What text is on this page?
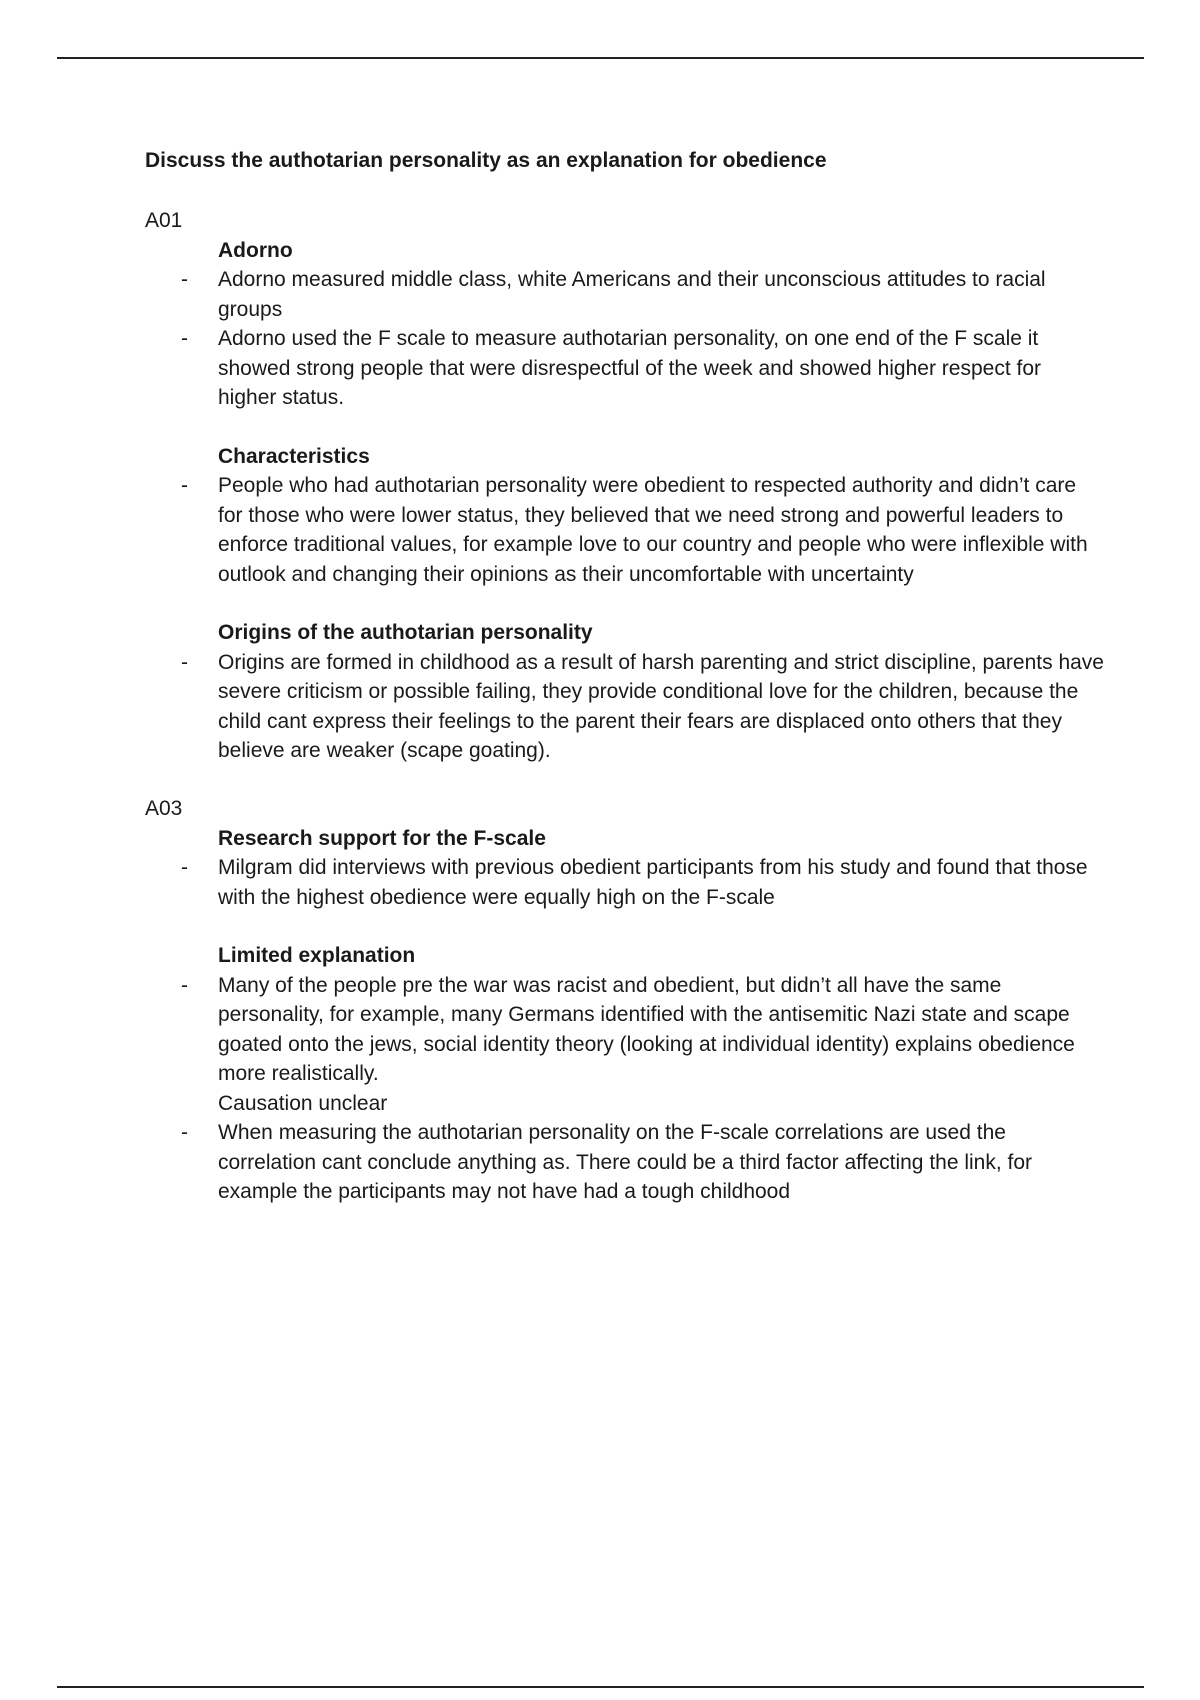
Discuss the authotarian personality as an explanation for obedience

A01

Adorno

- Adorno measured middle class, white Americans and their unconscious attitudes to racial groups

- Adorno used the F scale to measure authotarian personality, on one end of the F scale it showed strong people that were disrespectful of the week and showed higher respect for higher status.

Characteristics

- People who had authotarian personality were obedient to respected authority and didn’t care for those who were lower status, they believed that we need strong and powerful leaders to enforce traditional values, for example love to our country and people who were inflexible with outlook and changing their opinions as their uncomfortable with uncertainty

Origins of the authotarian personality

- Origins are formed in childhood as a result of harsh parenting and strict discipline, parents have severe criticism or possible failing, they provide conditional love for the children, because the child cant express their feelings to the parent their fears are displaced onto others that they believe are weaker (scape goating).

A03

Research support for the F-scale

- Milgram did interviews with previous obedient participants from his study and found that those with the highest obedience were equally high on the F-scale

Limited explanation

- Many of the people pre the war was racist and obedient, but didn’t all have the same personality, for example, many Germans identified with the antisemitic Nazi state and scape goated onto the jews, social identity theory (looking at individual identity) explains obedience more realistically.

Causation unclear

- When measuring the authotarian personality on the F-scale correlations are used the correlation cant conclude anything as. There could be a third factor affecting the link, for example the participants may not have had a tough childhood
